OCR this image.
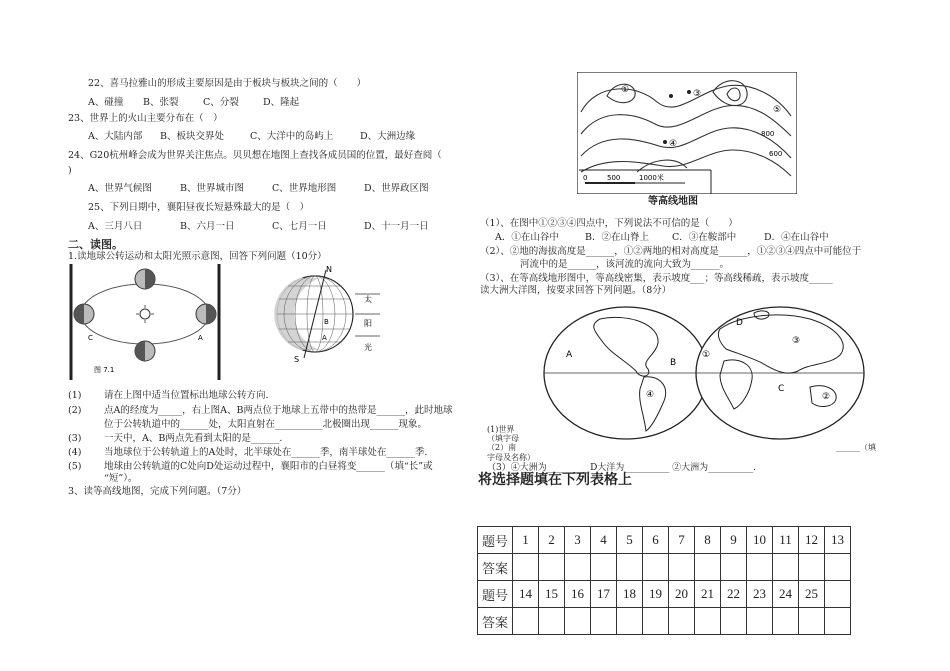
22、喜马拉雅山的形成主要原因是由于板块与板块之间的（　　）
A、碰撞 B、张裂	C、分裂	D、隆起
23、世界上的火山主要分布在（　）
A、大陆内部 B、板块交界处	C、大洋中的岛屿上	D、大洲边缘
24、G20杭州峰会成为世界关注焦点。贝贝想在地图上查找各成员国的位置，最好查阅（
)
A、世界气候图	B、世界城市图	C、世界地形图	D、世界政区图
25、下列日期中，襄阳昼夜长短悬殊最大的是（　）
A、三月八日	B、六月一日	C、七月一日	D、十一月一日
二、读图。
1.读地球公转运动和太阳光照示意图，回答下列问题（10分）
C	A
图 7.1
N
S
B
A
太
阳
光
(1) 请在上图中适当位置标出地球公转方向.
(2) 点A的经度为_____，右上图A、B两点位于地球上五带中的热带是______，此时地球
位于公转轨道中的______处，太阳直射在__________北极圈出现______现象。
(3) 一天中，A、B两点先看到太阳的是______.
(4) 当地球位于公转轨道上的A处时，北半球处在______季，南半球处在______季.
(5) 地球由公转轨道的C处向D处运动过程中，襄阳市的白昼将变______（填“长”或
“短”）。
3、读等高线地图，完成下列问题。（7分）
①	③
④
⑤
800
600
0	500	1000米
等高线地图
（1）、在图中①②③④四点中，下列说法不可信的是（　　）
A．①在山谷中	B．②在山脊上 C．③在鞍部中	D．④在山谷中
（2）、②地的海拔高度是______，①②两地的相对高度是______，①②③④四点中可能位于
河流中的是______，该河流的流向大致为______。
（3）、在等高线地形图中，等高线密集，表示坡度___；等高线稀疏，表示坡度_____
读大洲大洋图，按要求回答下列问题。（8分）
A
B
C
D
①
②
③
④
(1)世界
（填字母
（2）南	______（填
字母及名称）
（3）④大洲为_________ D大洋为__________ ②大洲为__________.
将选择题填在下列表格上
题号	1	2	3	4	5	6	7	8	9	10	11	12	13
答案													
题号	14	15	16	17	18	19	20	21	22	23	24	25	
答案													
